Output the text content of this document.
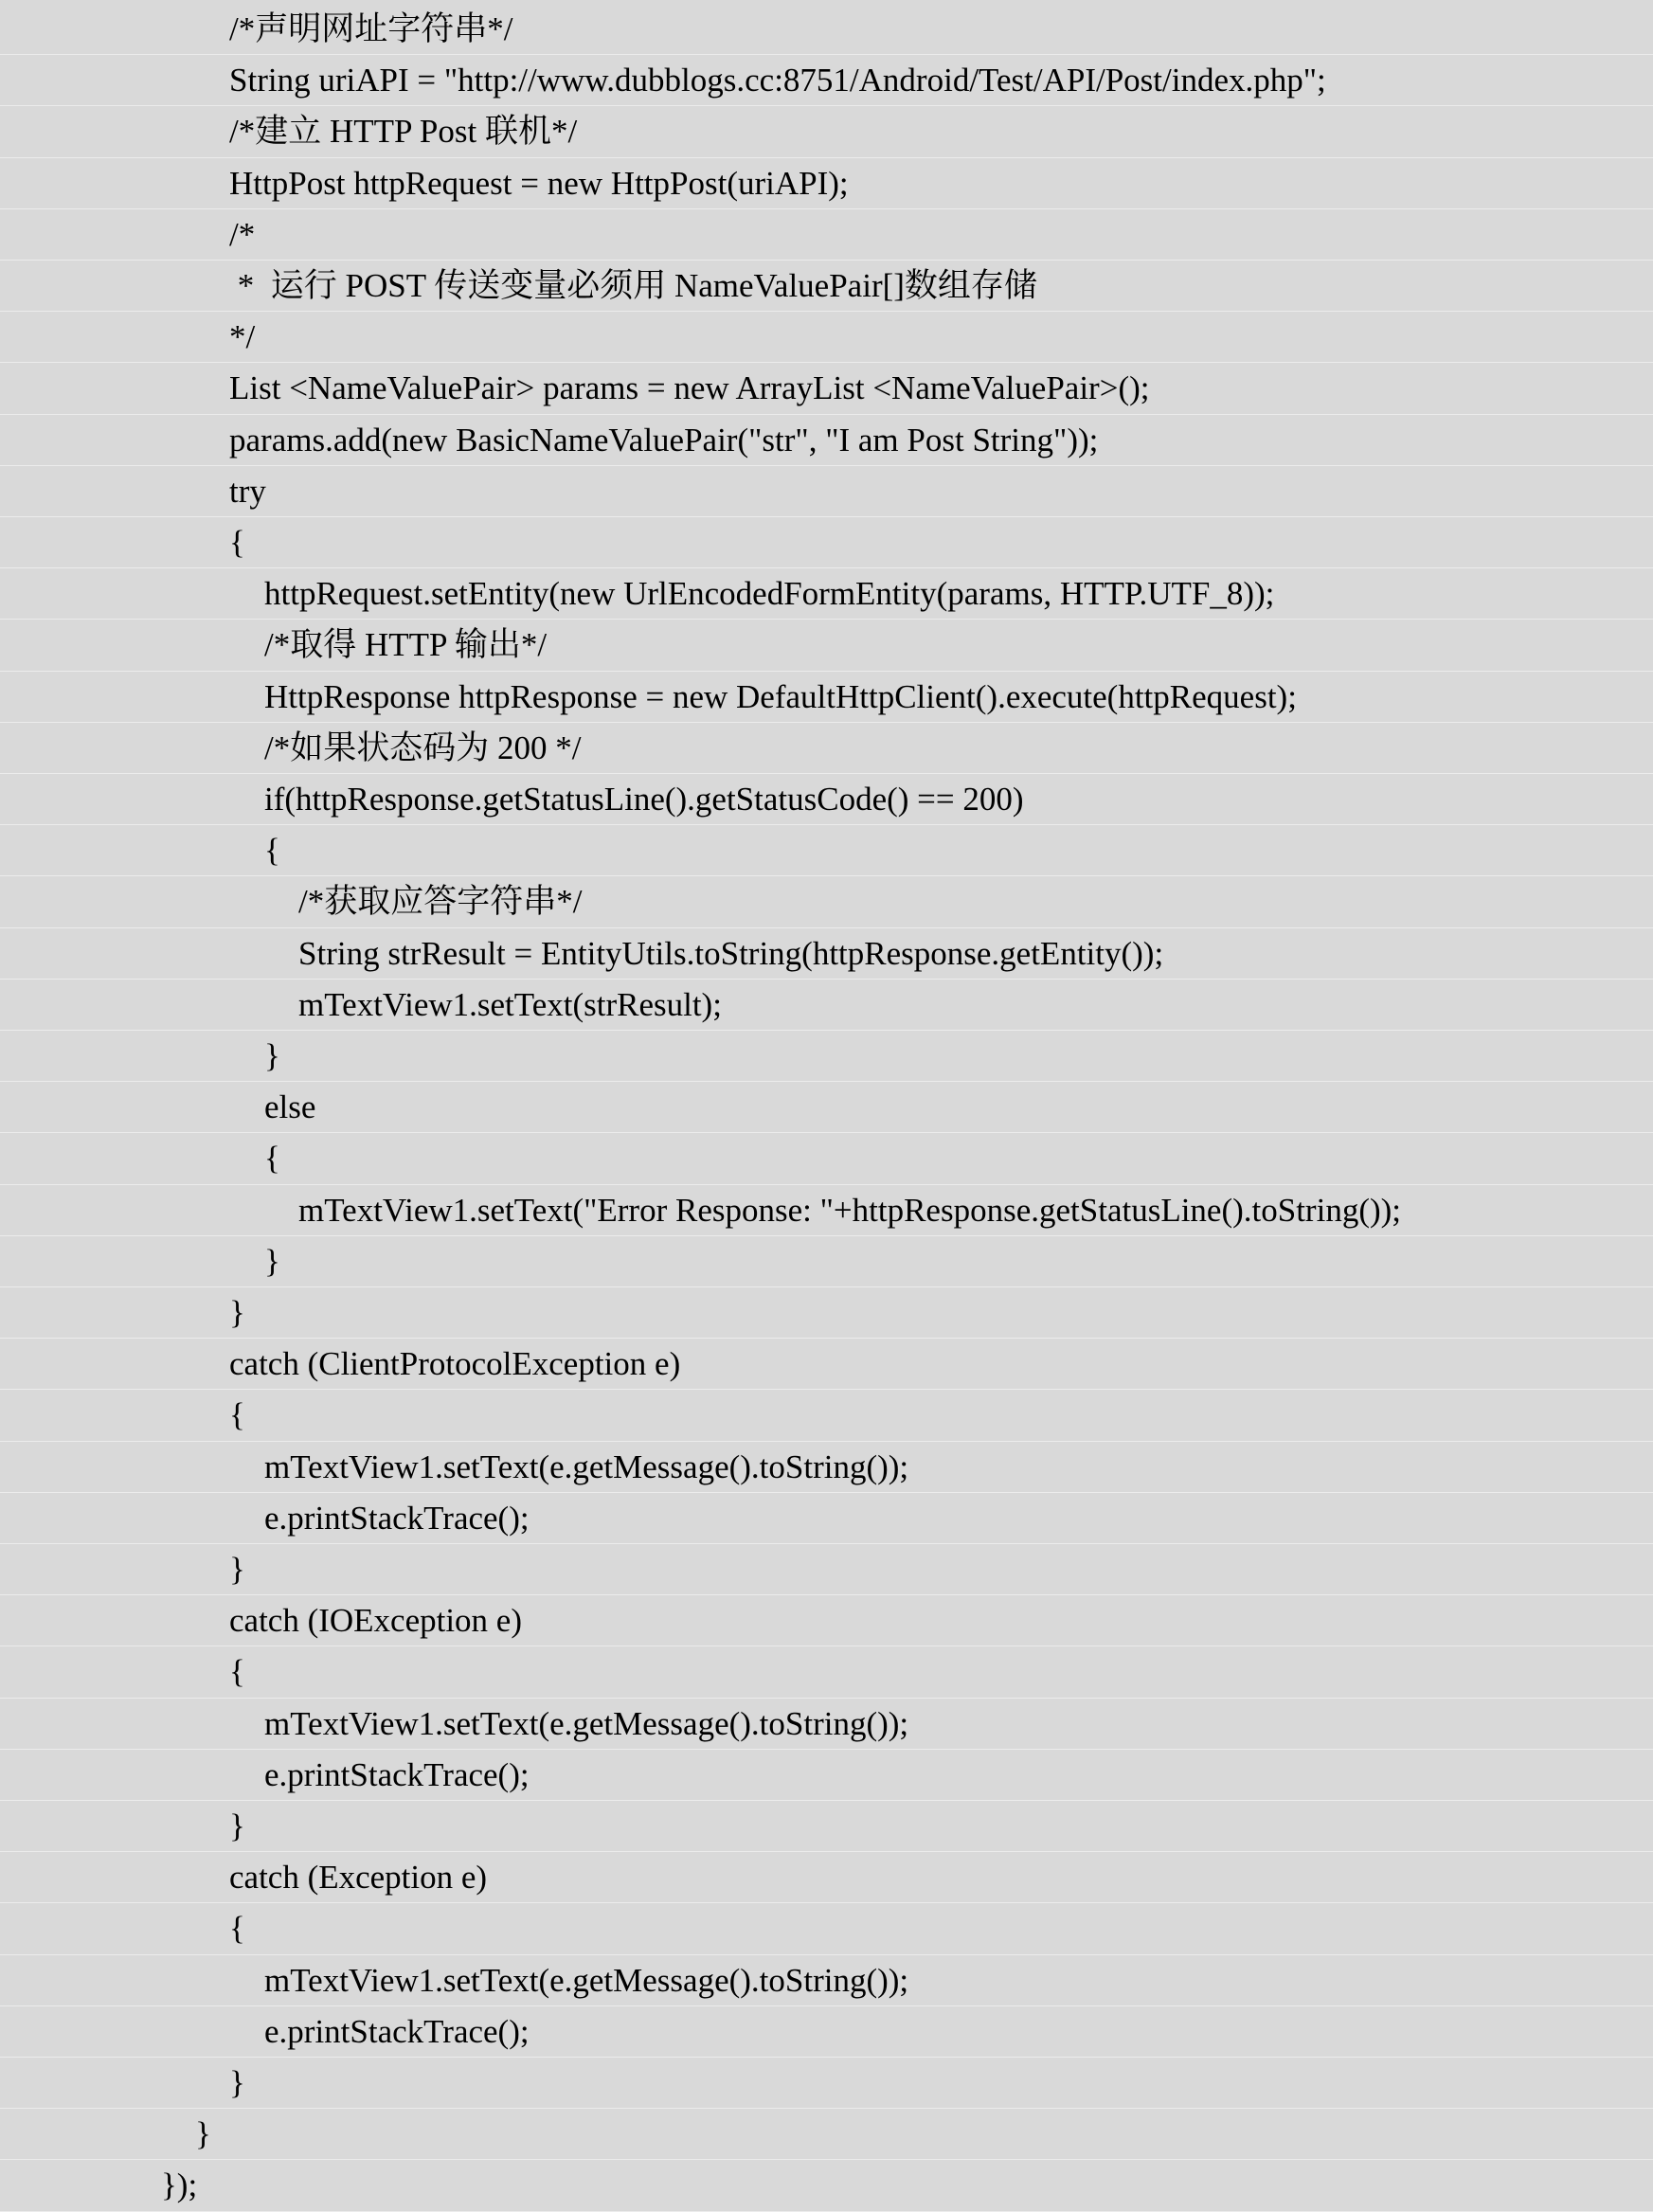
/*声明网址字符串*/
String uriAPI = "http://www.dubblogs.cc:8751/Android/Test/API/Post/index.php";
/*建立 HTTP Post 联机*/
HttpPost httpRequest = new HttpPost(uriAPI);
/*
*  运行 POST 传送变量必须用 NameValuePair[]数组存储
*/
List <NameValuePair> params = new ArrayList <NameValuePair>();
params.add(new BasicNameValuePair("str", "I am Post String"));
try
{
httpRequest.setEntity(new UrlEncodedFormEntity(params, HTTP.UTF_8));
/*取得 HTTP 输出*/
HttpResponse httpResponse = new DefaultHttpClient().execute(httpRequest);
/*如果状态码为 200 */
if(httpResponse.getStatusLine().getStatusCode() == 200)
{
/*获取应答字符串*/
String strResult = EntityUtils.toString(httpResponse.getEntity());
mTextView1.setText(strResult);
}
else
{
mTextView1.setText("Error Response: "+httpResponse.getStatusLine().toString());
}
}
catch (ClientProtocolException e)
{
mTextView1.setText(e.getMessage().toString());
e.printStackTrace();
}
catch (IOException e)
{
mTextView1.setText(e.getMessage().toString());
e.printStackTrace();
}
catch (Exception e)
{
mTextView1.setText(e.getMessage().toString());
e.printStackTrace();
}
}
});
